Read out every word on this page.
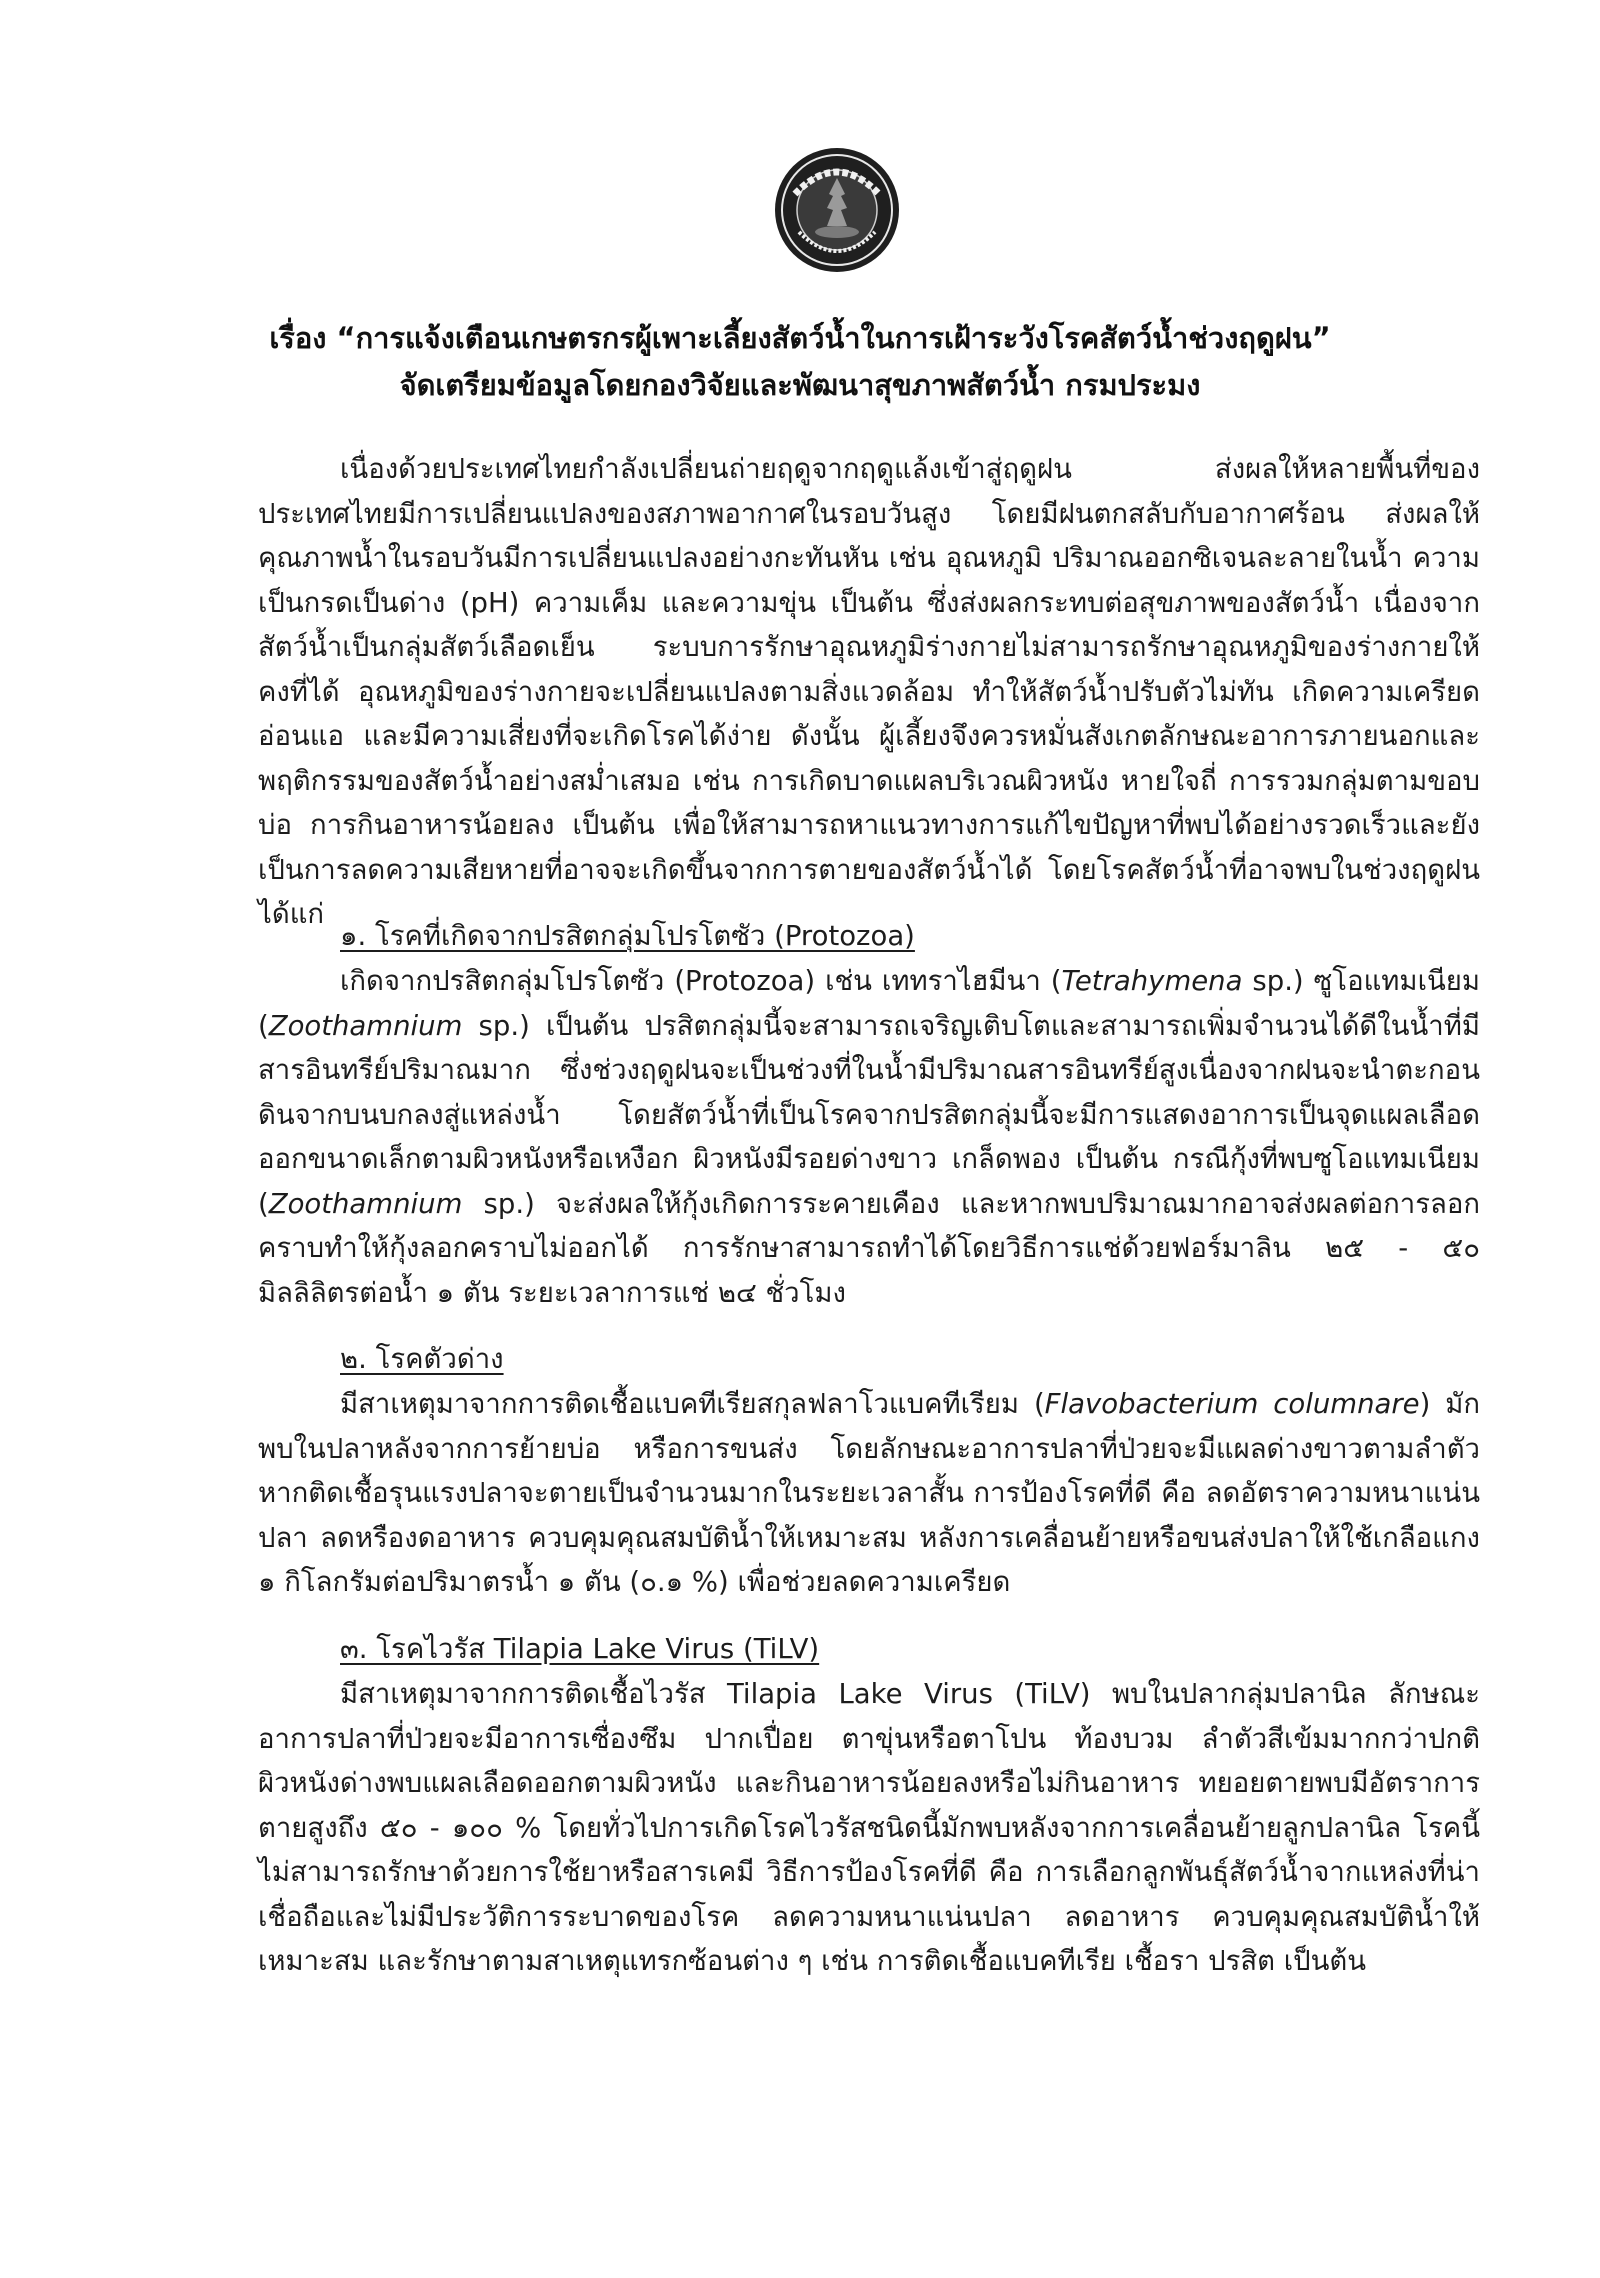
เรื่อง “การแจ้งเตือนเกษตรกรผู้เพาะเลี้ยงสัตว์น้ำในการเฝ้าระวังโรคสัตว์น้ำช่วงฤดูฝน”
จัดเตรียมข้อมูลโดยกองวิจัยและพัฒนาสุขภาพสัตว์น้ำ กรมประมง

เนื่องด้วยประเทศไทยกำลังเปลี่ยนถ่ายฤดูจากฤดูแล้งเข้าสู่ฤดูฝน ส่งผลให้หลายพื้นที่ของประเทศไทยมีการเปลี่ยนแปลงของสภาพอากาศในรอบวันสูง โดยมีฝนตกสลับกับอากาศร้อน ส่งผลให้คุณภาพน้ำในรอบวันมีการเปลี่ยนแปลงอย่างกะทันหัน เช่น อุณหภูมิ ปริมาณออกซิเจนละลายในน้ำ ความเป็นกรดเป็นด่าง (pH) ความเค็ม และความขุ่น เป็นต้น ซึ่งส่งผลกระทบต่อสุขภาพของสัตว์น้ำ เนื่องจากสัตว์น้ำเป็นกลุ่มสัตว์เลือดเย็น ระบบการรักษาอุณหภูมิร่างกายไม่สามารถรักษาอุณหภูมิของร่างกายให้คงที่ได้ อุณหภูมิของร่างกายจะเปลี่ยนแปลงตามสิ่งแวดล้อม ทำให้สัตว์น้ำปรับตัวไม่ทัน เกิดความเครียด อ่อนแอ และมีความเสี่ยงที่จะเกิดโรคได้ง่าย ดังนั้น ผู้เลี้ยงจึงควรหมั่นสังเกตลักษณะอาการภายนอกและพฤติกรรมของสัตว์น้ำอย่างสม่ำเสมอ เช่น การเกิดบาดแผลบริเวณผิวหนัง หายใจถี่ การรวมกลุ่มตามขอบบ่อ การกินอาหารน้อยลง เป็นต้น เพื่อให้สามารถหาแนวทางการแก้ไขปัญหาที่พบได้อย่างรวดเร็วและยังเป็นการลดความเสียหายที่อาจจะเกิดขึ้นจากการตายของสัตว์น้ำได้ โดยโรคสัตว์น้ำที่อาจพบในช่วงฤดูฝน ได้แก่

๑. โรคที่เกิดจากปรสิตกลุ่มโปรโตซัว (Protozoa)

เกิดจากปรสิตกลุ่มโปรโตซัว (Protozoa) เช่น เททราไฮมีนา (Tetrahymena sp.) ซูโอแทมเนียม (Zoothamnium sp.) เป็นต้น ปรสิตกลุ่มนี้จะสามารถเจริญเติบโตและสามารถเพิ่มจำนวนได้ดีในน้ำที่มีสารอินทรีย์ปริมาณมาก ซึ่งช่วงฤดูฝนจะเป็นช่วงที่ในน้ำมีปริมาณสารอินทรีย์สูงเนื่องจากฝนจะนำตะกอนดินจากบนบกลงสู่แหล่งน้ำ โดยสัตว์น้ำที่เป็นโรคจากปรสิตกลุ่มนี้จะมีการแสดงอาการเป็นจุดแผลเลือดออกขนาดเล็กตามผิวหนังหรือเหงือก ผิวหนังมีรอยด่างขาว เกล็ดพอง เป็นต้น กรณีกุ้งที่พบซูโอแทมเนียม (Zoothamnium sp.) จะส่งผลให้กุ้งเกิดการระคายเคือง และหากพบปริมาณมากอาจส่งผลต่อการลอกคราบทำให้กุ้งลอกคราบไม่ออกได้ การรักษาสามารถทำได้โดยวิธีการแช่ด้วยฟอร์มาลิน ๒๕ - ๕๐ มิลลิลิตรต่อน้ำ ๑ ตัน ระยะเวลาการแช่ ๒๔ ชั่วโมง

๒. โรคตัวด่าง

มีสาเหตุมาจากการติดเชื้อแบคทีเรียสกุลฟลาโวแบคทีเรียม (Flavobacterium columnare) มักพบในปลาหลังจากการย้ายบ่อ หรือการขนส่ง โดยลักษณะอาการปลาที่ป่วยจะมีแผลด่างขาวตามลำตัว หากติดเชื้อรุนแรงปลาจะตายเป็นจำนวนมากในระยะเวลาสั้น การป้องโรคที่ดี คือ ลดอัตราความหนาแน่นปลา ลดหรืองดอาหาร ควบคุมคุณสมบัติน้ำให้เหมาะสม หลังการเคลื่อนย้ายหรือขนส่งปลาให้ใช้เกลือแกง ๑ กิโลกรัมต่อปริมาตรน้ำ ๑ ตัน (๐.๑ %) เพื่อช่วยลดความเครียด

๓. โรคไวรัส Tilapia Lake Virus (TiLV)

มีสาเหตุมาจากการติดเชื้อไวรัส Tilapia Lake Virus (TiLV) พบในปลากลุ่มปลานิล ลักษณะอาการปลาที่ป่วยจะมีอาการเซื่องซึม ปากเปื่อย ตาขุ่นหรือตาโปน ท้องบวม ลำตัวสีเข้มมากกว่าปกติ ผิวหนังด่างพบแผลเลือดออกตามผิวหนัง และกินอาหารน้อยลงหรือไม่กินอาหาร ทยอยตายพบมีอัตราการตายสูงถึง ๕๐ - ๑๐๐ % โดยทั่วไปการเกิดโรคไวรัสชนิดนี้มักพบหลังจากการเคลื่อนย้ายลูกปลานิล โรคนี้ไม่สามารถรักษาด้วยการใช้ยาหรือสารเคมี วิธีการป้องโรคที่ดี คือ การเลือกลูกพันธุ์สัตว์น้ำจากแหล่งที่น่าเชื่อถือและไม่มีประวัติการระบาดของโรค ลดความหนาแน่นปลา ลดอาหาร ควบคุมคุณสมบัติน้ำให้เหมาะสม และรักษาตามสาเหตุแทรกซ้อนต่าง ๆ เช่น การติดเชื้อแบคทีเรีย เชื้อรา ปรสิต เป็นต้น
